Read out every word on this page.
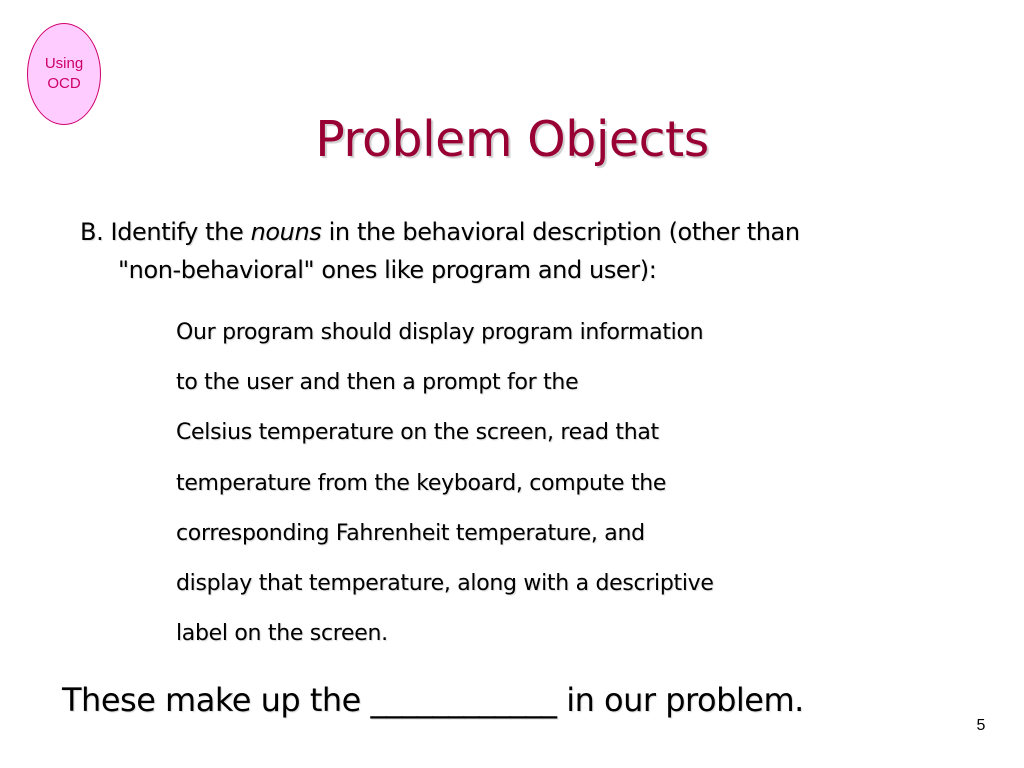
Using
OCD
Problem Objects
B. Identify the nouns in the behavioral description (other than
"non-behavioral" ones like program and user):
Our program should display program information
to the user and then a prompt for the
Celsius temperature on the screen, read that
temperature from the keyboard, compute the
corresponding Fahrenheit temperature, and
display that temperature, along with a descriptive
label on the screen.
These make up the ____________ in our problem.
5
